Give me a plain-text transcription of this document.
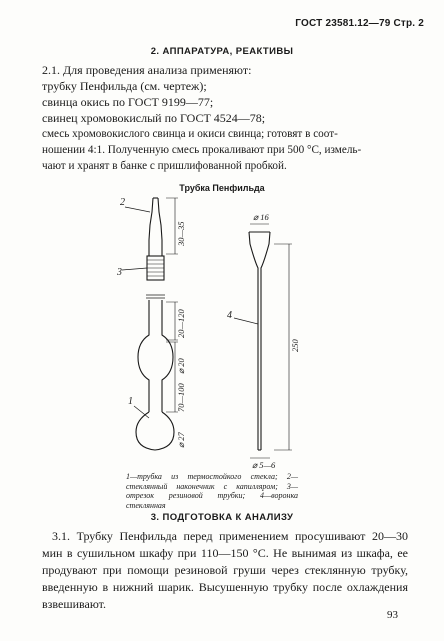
ГОСТ 23581.12—79 Стр. 2
2. АППАРАТУРА, РЕАКТИВЫ
2.1. Для проведения анализа применяют:
трубку Пенфильда (см. чертеж);
свинца окись по ГОСТ 9199—77;
свинец хромовокислый по ГОСТ 4524—78;
смесь хромовокислого свинца и окиси свинца; готовят в соот-
ношении 4:1. Полученную смесь прокаливают при 500 °С, измель-
чают и хранят в банке с пришлифованной пробкой.
Трубка Пенфильда
2
3
1
4
30—35
20—120
⌀ 20
70—100
⌀ 27
⌀ 16
250
⌀ 5—6
1—трубка из термостойкого стекла; 2—стеклянный наконечник с капилляром; 3—отрезок резиновой трубки; 4—воронка стеклянная
3. ПОДГОТОВКА К АНАЛИЗУ
3.1. Трубку Пенфильда перед применением просушивают 20—30 мин в сушильном шкафу при 110—150 °С. Не вынимая из шкафа, ее продувают при помощи резиновой груши через стеклянную трубку, введенную в нижний шарик. Высушенную трубку после охлаждения взвешивают.
93
